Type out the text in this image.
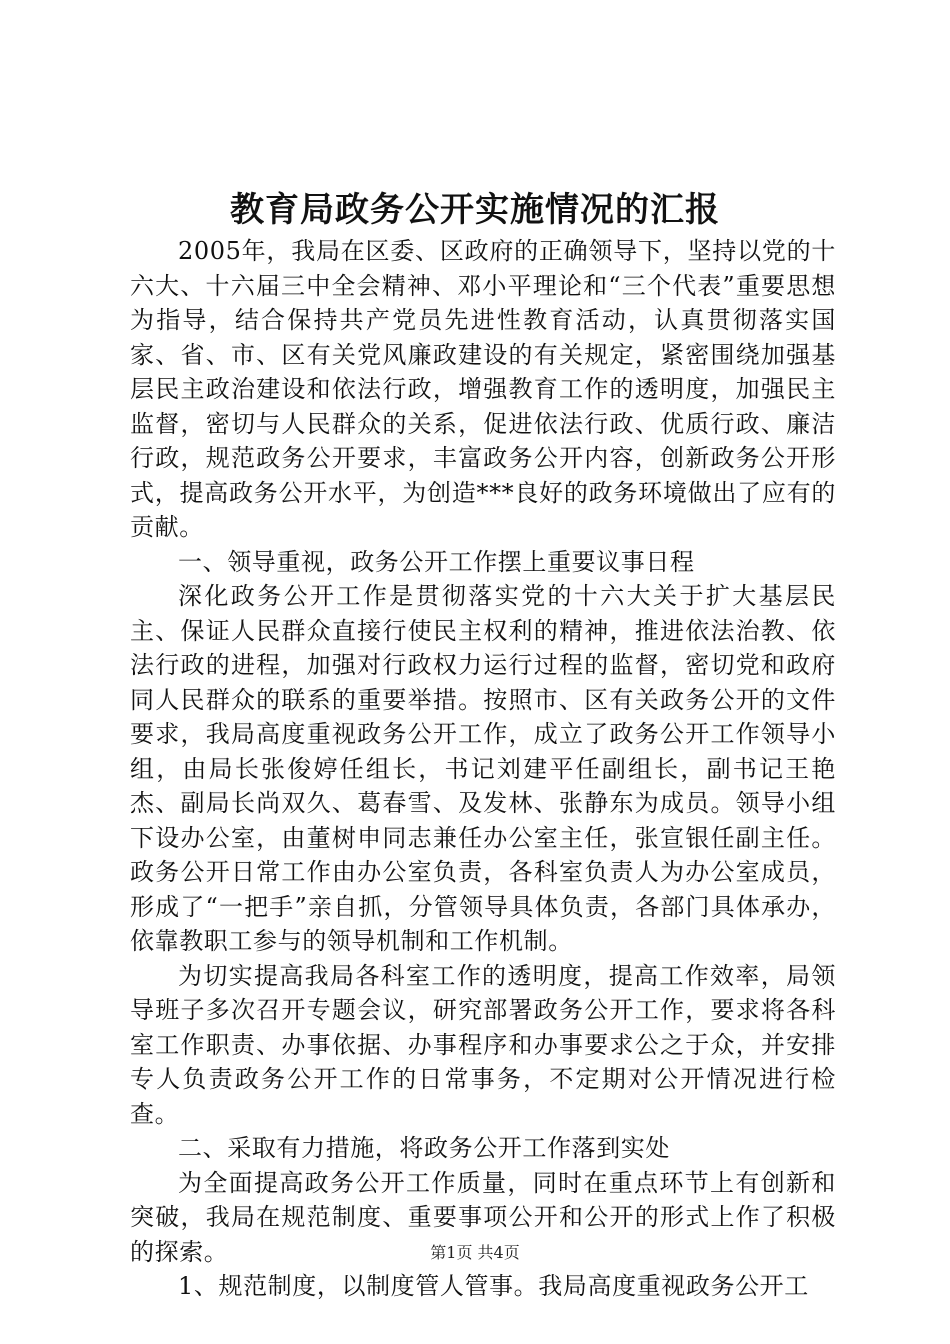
教育局政务公开实施情况的汇报

2005年，我局在区委、区政府的正确领导下，坚持以党的十六大、十六届三中全会精神、邓小平理论和“三个代表”重要思想为指导，结合保持共产党员先进性教育活动，认真贯彻落实国家、省、市、区有关党风廉政建设的有关规定，紧密围绕加强基层民主政治建设和依法行政，增强教育工作的透明度，加强民主监督，密切与人民群众的关系，促进依法行政、优质行政、廉洁行政，规范政务公开要求，丰富政务公开内容，创新政务公开形式，提高政务公开水平，为创造***良好的政务环境做出了应有的贡献。

一、领导重视，政务公开工作摆上重要议事日程

深化政务公开工作是贯彻落实党的十六大关于扩大基层民主、保证人民群众直接行使民主权利的精神，推进依法治教、依法行政的进程，加强对行政权力运行过程的监督，密切党和政府同人民群众的联系的重要举措。按照市、区有关政务公开的文件要求，我局高度重视政务公开工作，成立了政务公开工作领导小组，由局长张俊婷任组长，书记刘建平任副组长，副书记王艳杰、副局长尚双久、葛春雪、及发林、张静东为成员。领导小组下设办公室，由董树申同志兼任办公室主任，张宣银任副主任。政务公开日常工作由办公室负责，各科室负责人为办公室成员，形成了“一把手”亲自抓，分管领导具体负责，各部门具体承办，依靠教职工参与的领导机制和工作机制。

为切实提高我局各科室工作的透明度，提高工作效率，局领导班子多次召开专题会议，研究部署政务公开工作，要求将各科室工作职责、办事依据、办事程序和办事要求公之于众，并安排专人负责政务公开工作的日常事务，不定期对公开情况进行检查。

二、采取有力措施，将政务公开工作落到实处

为全面提高政务公开工作质量，同时在重点环节上有创新和突破，我局在规范制度、重要事项公开和公开的形式上作了积极的探索。

1、规范制度，以制度管人管事。我局高度重视政务公开工

第1页 共4页
